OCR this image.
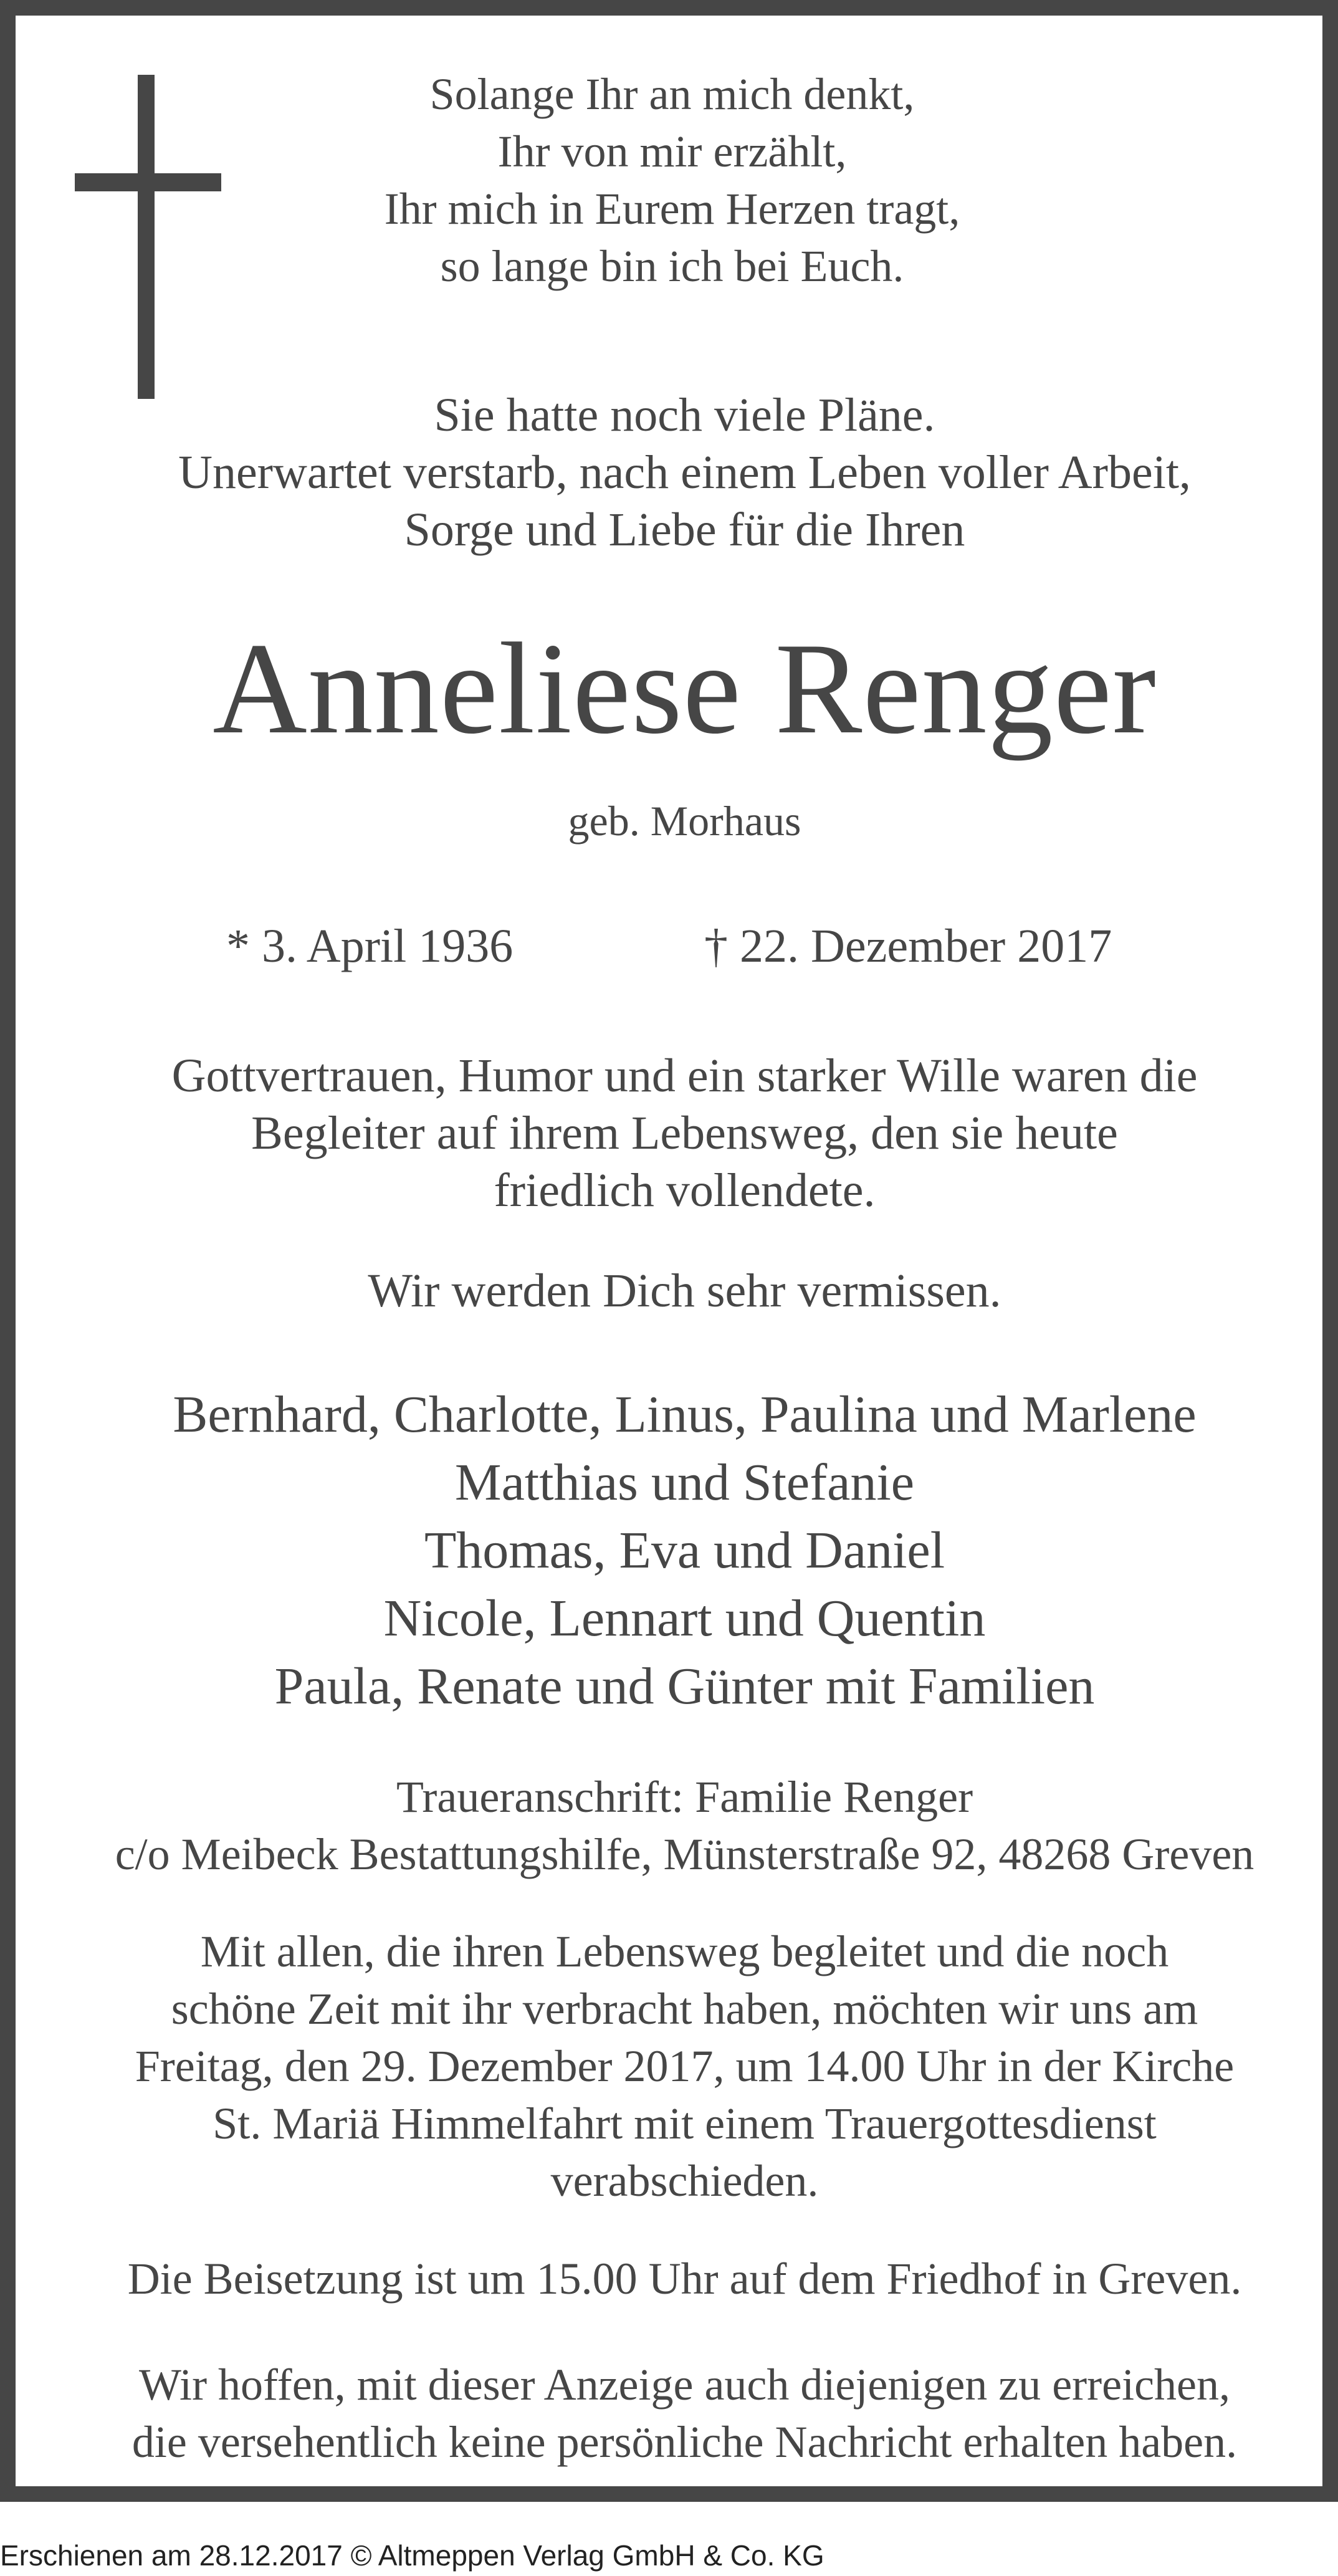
Solange Ihr an mich denkt,
Ihr von mir erzählt,
Ihr mich in Eurem Herzen tragt,
so lange bin ich bei Euch.
Sie hatte noch viele Pläne.
Unerwartet verstarb, nach einem Leben voller Arbeit,
Sorge und Liebe für die Ihren
Anneliese Renger
geb. Morhaus
* 3. April 1936	† 22. Dezember 2017
Gottvertrauen, Humor und ein starker Wille waren die
Begleiter auf ihrem Lebensweg, den sie heute
friedlich vollendete.
Wir werden Dich sehr vermissen.
Bernhard, Charlotte, Linus, Paulina und Marlene
Matthias und Stefanie
Thomas, Eva und Daniel
Nicole, Lennart und Quentin
Paula, Renate und Günter mit Familien
Traueranschrift: Familie Renger
c/o Meibeck Bestattungshilfe, Münsterstraße 92, 48268 Greven
Mit allen, die ihren Lebensweg begleitet und die noch
schöne Zeit mit ihr verbracht haben, möchten wir uns am
Freitag, den 29. Dezember 2017, um 14.00 Uhr in der Kirche
St. Mariä Himmelfahrt mit einem Trauergottesdienst
verabschieden.
Die Beisetzung ist um 15.00 Uhr auf dem Friedhof in Greven.
Wir hoffen, mit dieser Anzeige auch diejenigen zu erreichen,
die versehentlich keine persönliche Nachricht erhalten haben.
Erschienen am 28.12.2017 © Altmeppen Verlag GmbH & Co. KG
